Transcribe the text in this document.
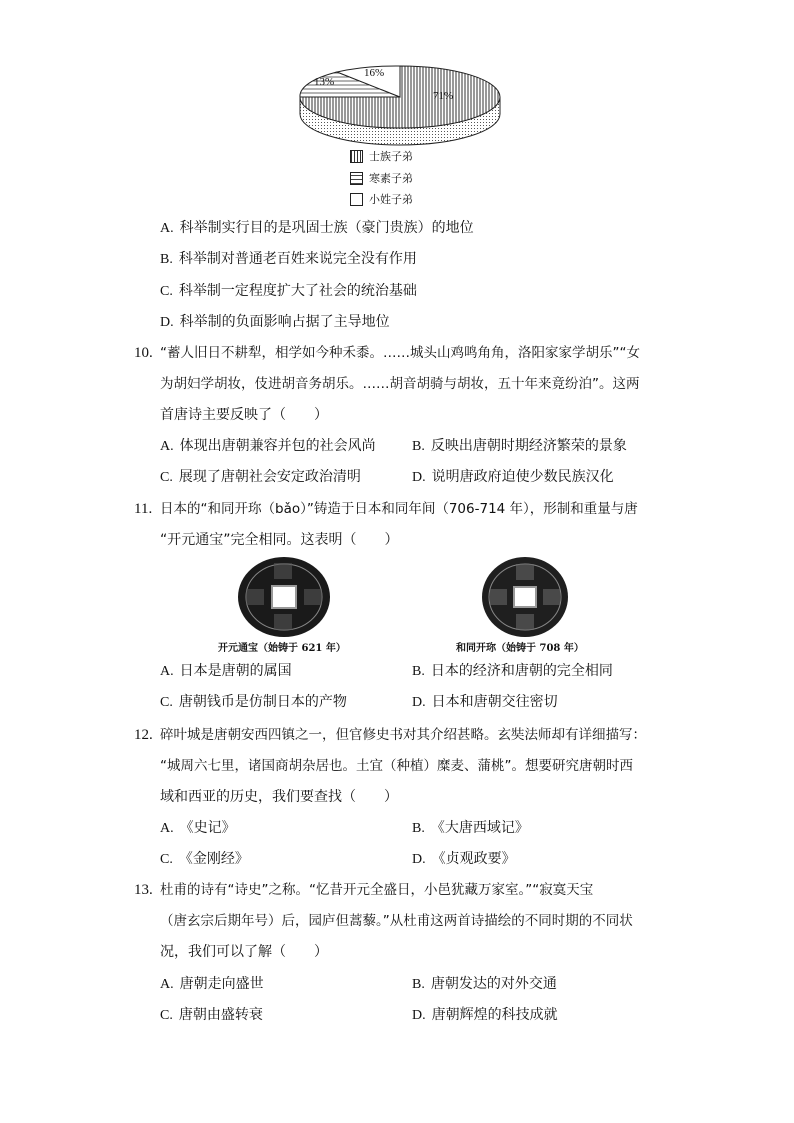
71%
13%
16%
士族子弟
寒素子弟
小姓子弟
A. 科举制实行目的是巩固士族（豪门贵族）的地位
B. 科举制对普通老百姓来说完全没有作用
C. 科举制一定程度扩大了社会的统治基础
D. 科举制的负面影响占据了主导地位
10. “蓄人旧日不耕犁，相学如今种禾黍。……城头山鸡鸣角角，洛阳家家学胡乐”“女
为胡妇学胡妆，伎进胡音务胡乐。……胡音胡骑与胡妆，五十年来竟纷泊”。这两
首唐诗主要反映了（　　）
A. 体现出唐朝兼容并包的社会风尚	B. 反映出唐朝时期经济繁荣的景象
C. 展现了唐朝社会安定政治清明	D. 说明唐政府迫使少数民族汉化
11. 日本的“和同开珎（bǎo）”铸造于日本和同年间（706-714 年），形制和重量与唐
“开元通宝”完全相同。这表明（　　）
开元通宝（始铸于 621 年）	和同开珎（始铸于 708 年）
A. 日本是唐朝的属国	B. 日本的经济和唐朝的完全相同
C. 唐朝钱币是仿制日本的产物	D. 日本和唐朝交往密切
12. 碎叶城是唐朝安西四镇之一，但官修史书对其介绍甚略。玄奘法师却有详细描写：
“城周六七里，诸国商胡杂居也。土宜（种植）糜麦、蒲桃”。想要研究唐朝时西
域和西亚的历史，我们要查找（　　）
A. 《史记》	B. 《大唐西域记》
C. 《金刚经》	D. 《贞观政要》
13. 杜甫的诗有“诗史”之称。“忆昔开元全盛日，小邑犹藏万家室。”“寂寞天宝
（唐玄宗后期年号）后，园庐但蒿藜。”从杜甫这两首诗描绘的不同时期的不同状
况，我们可以了解（　　）
A. 唐朝走向盛世	B. 唐朝发达的对外交通
C. 唐朝由盛转衰	D. 唐朝辉煌的科技成就
